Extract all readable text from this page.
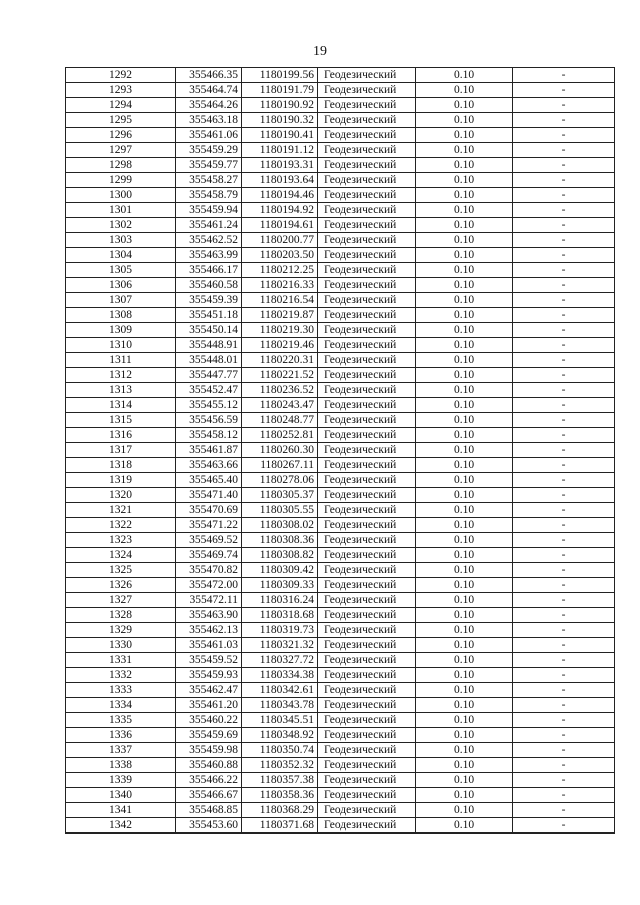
19
1292	355466.35	1180199.56	Геодезический	0.10	-
1293	355464.74	1180191.79	Геодезический	0.10	-
1294	355464.26	1180190.92	Геодезический	0.10	-
1295	355463.18	1180190.32	Геодезический	0.10	-
1296	355461.06	1180190.41	Геодезический	0.10	-
1297	355459.29	1180191.12	Геодезический	0.10	-
1298	355459.77	1180193.31	Геодезический	0.10	-
1299	355458.27	1180193.64	Геодезический	0.10	-
1300	355458.79	1180194.46	Геодезический	0.10	-
1301	355459.94	1180194.92	Геодезический	0.10	-
1302	355461.24	1180194.61	Геодезический	0.10	-
1303	355462.52	1180200.77	Геодезический	0.10	-
1304	355463.99	1180203.50	Геодезический	0.10	-
1305	355466.17	1180212.25	Геодезический	0.10	-
1306	355460.58	1180216.33	Геодезический	0.10	-
1307	355459.39	1180216.54	Геодезический	0.10	-
1308	355451.18	1180219.87	Геодезический	0.10	-
1309	355450.14	1180219.30	Геодезический	0.10	-
1310	355448.91	1180219.46	Геодезический	0.10	-
1311	355448.01	1180220.31	Геодезический	0.10	-
1312	355447.77	1180221.52	Геодезический	0.10	-
1313	355452.47	1180236.52	Геодезический	0.10	-
1314	355455.12	1180243.47	Геодезический	0.10	-
1315	355456.59	1180248.77	Геодезический	0.10	-
1316	355458.12	1180252.81	Геодезический	0.10	-
1317	355461.87	1180260.30	Геодезический	0.10	-
1318	355463.66	1180267.11	Геодезический	0.10	-
1319	355465.40	1180278.06	Геодезический	0.10	-
1320	355471.40	1180305.37	Геодезический	0.10	-
1321	355470.69	1180305.55	Геодезический	0.10	-
1322	355471.22	1180308.02	Геодезический	0.10	-
1323	355469.52	1180308.36	Геодезический	0.10	-
1324	355469.74	1180308.82	Геодезический	0.10	-
1325	355470.82	1180309.42	Геодезический	0.10	-
1326	355472.00	1180309.33	Геодезический	0.10	-
1327	355472.11	1180316.24	Геодезический	0.10	-
1328	355463.90	1180318.68	Геодезический	0.10	-
1329	355462.13	1180319.73	Геодезический	0.10	-
1330	355461.03	1180321.32	Геодезический	0.10	-
1331	355459.52	1180327.72	Геодезический	0.10	-
1332	355459.93	1180334.38	Геодезический	0.10	-
1333	355462.47	1180342.61	Геодезический	0.10	-
1334	355461.20	1180343.78	Геодезический	0.10	-
1335	355460.22	1180345.51	Геодезический	0.10	-
1336	355459.69	1180348.92	Геодезический	0.10	-
1337	355459.98	1180350.74	Геодезический	0.10	-
1338	355460.88	1180352.32	Геодезический	0.10	-
1339	355466.22	1180357.38	Геодезический	0.10	-
1340	355466.67	1180358.36	Геодезический	0.10	-
1341	355468.85	1180368.29	Геодезический	0.10	-
1342	355453.60	1180371.68	Геодезический	0.10	-
